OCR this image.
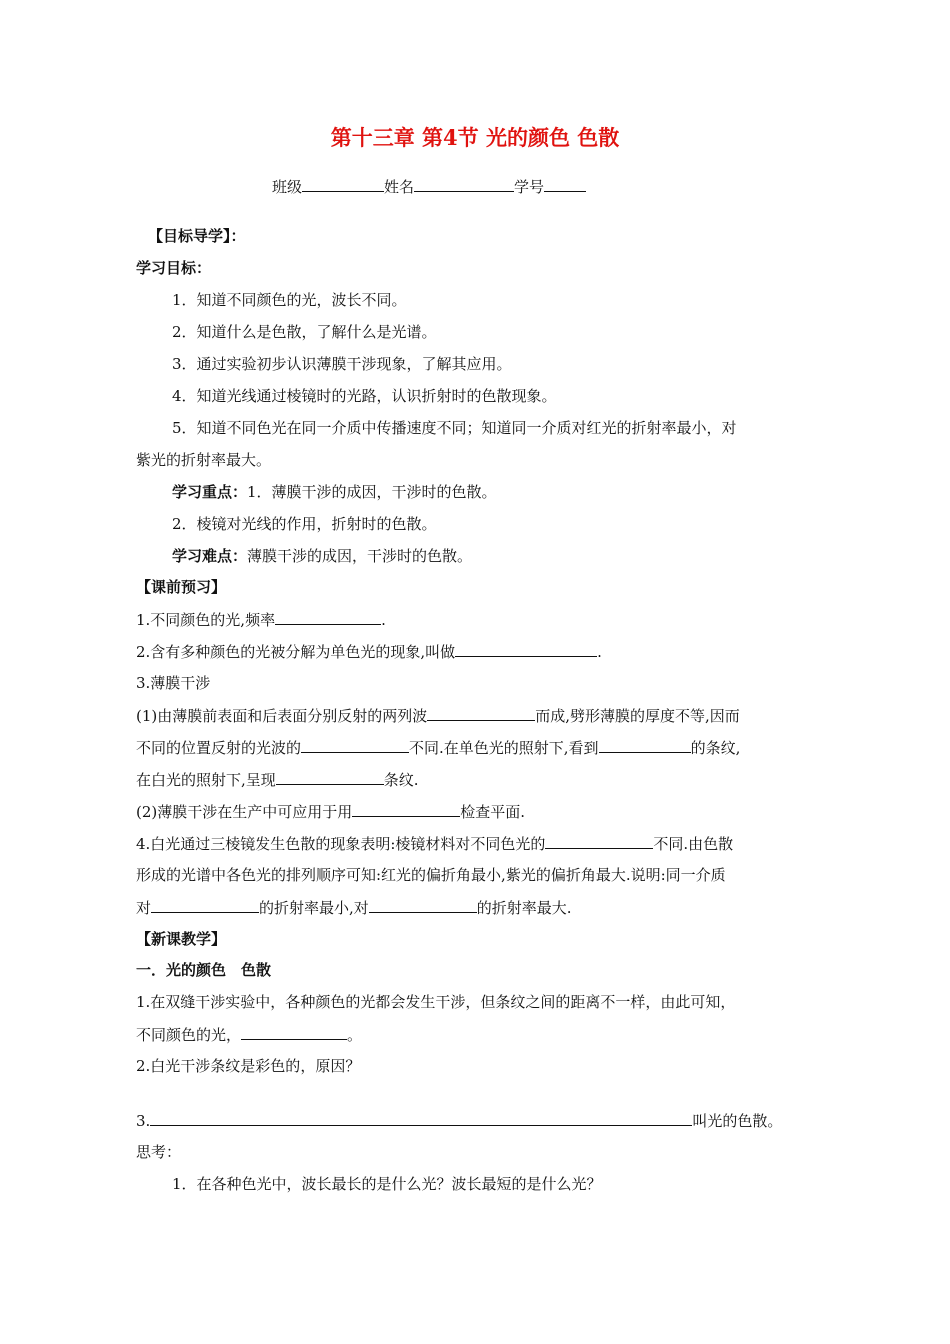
第十三章 第4节 光的颜色 色散
班级	姓名	学号
【目标导学】：
学习目标：
1．知道不同颜色的光，波长不同。
2．知道什么是色散，了解什么是光谱。
3．通过实验初步认识薄膜干涉现象，了解其应用。
4．知道光线通过棱镜时的光路，认识折射时的色散现象。
5．知道不同色光在同一介质中传播速度不同；知道同一介质对红光的折射率最小，对
紫光的折射率最大。
学习重点：1．薄膜干涉的成因，干涉时的色散。
2．棱镜对光线的作用，折射时的色散。
学习难点：薄膜干涉的成因，干涉时的色散。
【课前预习】
1.不同颜色的光,频率	.
2.含有多种颜色的光被分解为单色光的现象,叫做	.
3.薄膜干涉
(1)由薄膜前表面和后表面分别反射的两列波	而成,劈形薄膜的厚度不等,因而
不同的位置反射的光波的	不同.在单色光的照射下,看到	的条纹,
在白光的照射下,呈现	条纹.
(2)薄膜干涉在生产中可应用于用	检查平面.
4.白光通过三棱镜发生色散的现象表明:棱镜材料对不同色光的	不同.由色散
形成的光谱中各色光的排列顺序可知:红光的偏折角最小,紫光的偏折角最大.说明:同一介质
对	的折射率最小,对	的折射率最大.
【新课教学】
一．光的颜色　色散
1.在双缝干涉实验中，各种颜色的光都会发生干涉，但条纹之间的距离不一样，由此可知，
不同颜色的光，	。
2.白光干涉条纹是彩色的，原因？
3.	叫光的色散。
思考：
1．在各种色光中，波长最长的是什么光？波长最短的是什么光？
